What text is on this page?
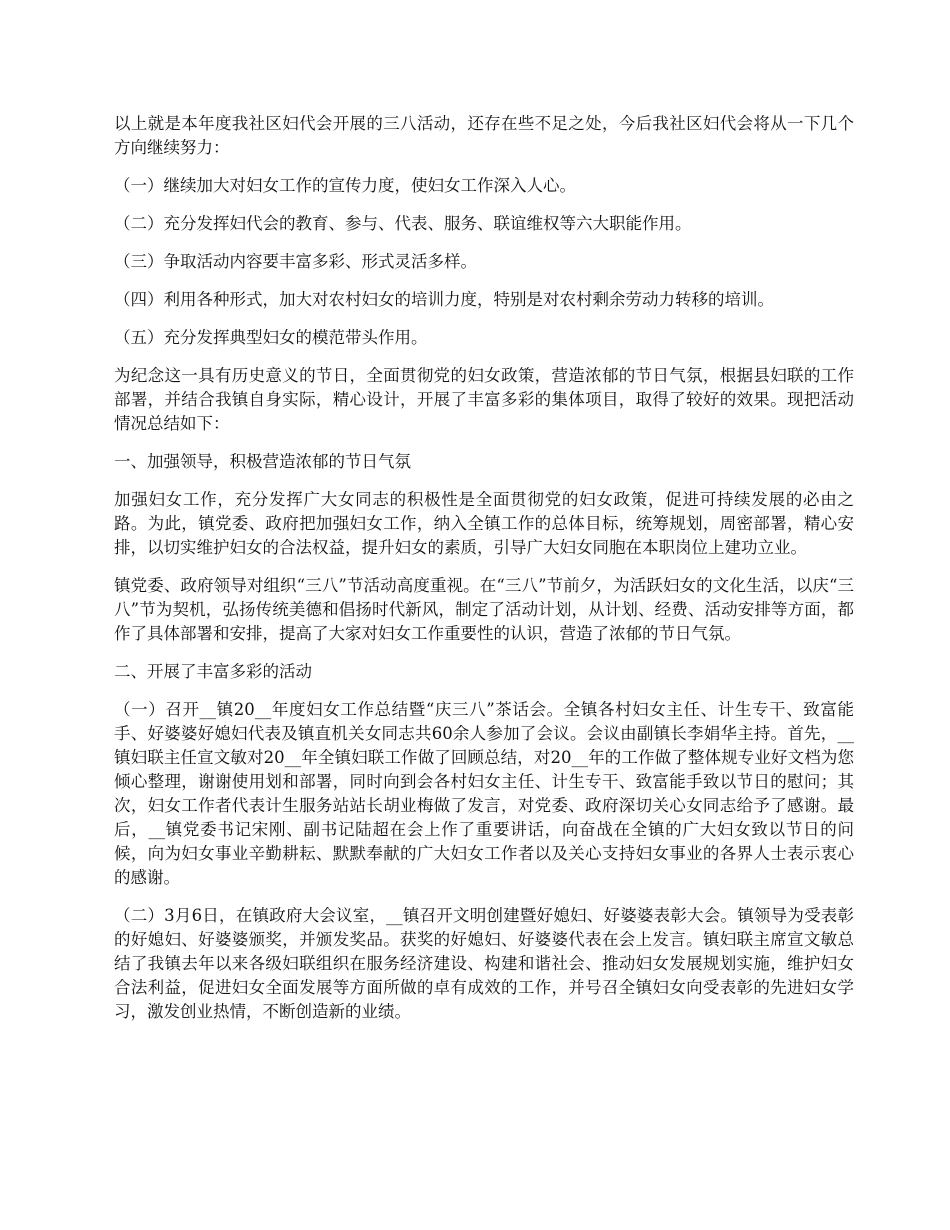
以上就是本年度我社区妇代会开展的三八活动，还存在些不足之处，今后我社区妇代会将从一下几个方向继续努力：

（一）继续加大对妇女工作的宣传力度，使妇女工作深入人心。

（二）充分发挥妇代会的教育、参与、代表、服务、联谊维权等六大职能作用。

（三）争取活动内容要丰富多彩、形式灵活多样。

（四）利用各种形式，加大对农村妇女的培训力度，特别是对农村剩余劳动力转移的培训。

（五）充分发挥典型妇女的模范带头作用。

为纪念这一具有历史意义的节日，全面贯彻党的妇女政策，营造浓郁的节日气氛，根据县妇联的工作部署，并结合我镇自身实际，精心设计，开展了丰富多彩的集体项目，取得了较好的效果。现把活动情况总结如下：

一、加强领导，积极营造浓郁的节日气氛

加强妇女工作，充分发挥广大女同志的积极性是全面贯彻党的妇女政策，促进可持续发展的必由之路。为此，镇党委、政府把加强妇女工作，纳入全镇工作的总体目标，统筹规划，周密部署，精心安排，以切实维护妇女的合法权益，提升妇女的素质，引导广大妇女同胞在本职岗位上建功立业。

镇党委、政府领导对组织“三八”节活动高度重视。在“三八”节前夕，为活跃妇女的文化生活，以庆“三八”节为契机，弘扬传统美德和倡扬时代新风，制定了活动计划，从计划、经费、活动安排等方面，都作了具体部署和安排，提高了大家对妇女工作重要性的认识，营造了浓郁的节日气氛。

二、开展了丰富多彩的活动

（一）召开__镇20__年度妇女工作总结暨“庆三八”茶话会。全镇各村妇女主任、计生专干、致富能手、好婆婆好媳妇代表及镇直机关女同志共60余人参加了会议。会议由副镇长李娟华主持。首先，__镇妇联主任宣文敏对20__年全镇妇联工作做了回顾总结，对20__年的工作做了整体规专业好文档为您倾心整理，谢谢使用划和部署，同时向到会各村妇女主任、计生专干、致富能手致以节日的慰问；其次，妇女工作者代表计生服务站站长胡业梅做了发言，对党委、政府深切关心女同志给予了感谢。最后，__镇党委书记宋刚、副书记陆超在会上作了重要讲话，向奋战在全镇的广大妇女致以节日的问候，向为妇女事业辛勤耕耘、默默奉献的广大妇女工作者以及关心支持妇女事业的各界人士表示衷心的感谢。

（二）3月6日，在镇政府大会议室，__镇召开文明创建暨好媳妇、好婆婆表彰大会。镇领导为受表彰的好媳妇、好婆婆颁奖，并颁发奖品。获奖的好媳妇、好婆婆代表在会上发言。镇妇联主席宣文敏总结了我镇去年以来各级妇联组织在服务经济建设、构建和谐社会、推动妇女发展规划实施，维护妇女合法利益，促进妇女全面发展等方面所做的卓有成效的工作，并号召全镇妇女向受表彰的先进妇女学习，激发创业热情，不断创造新的业绩。
